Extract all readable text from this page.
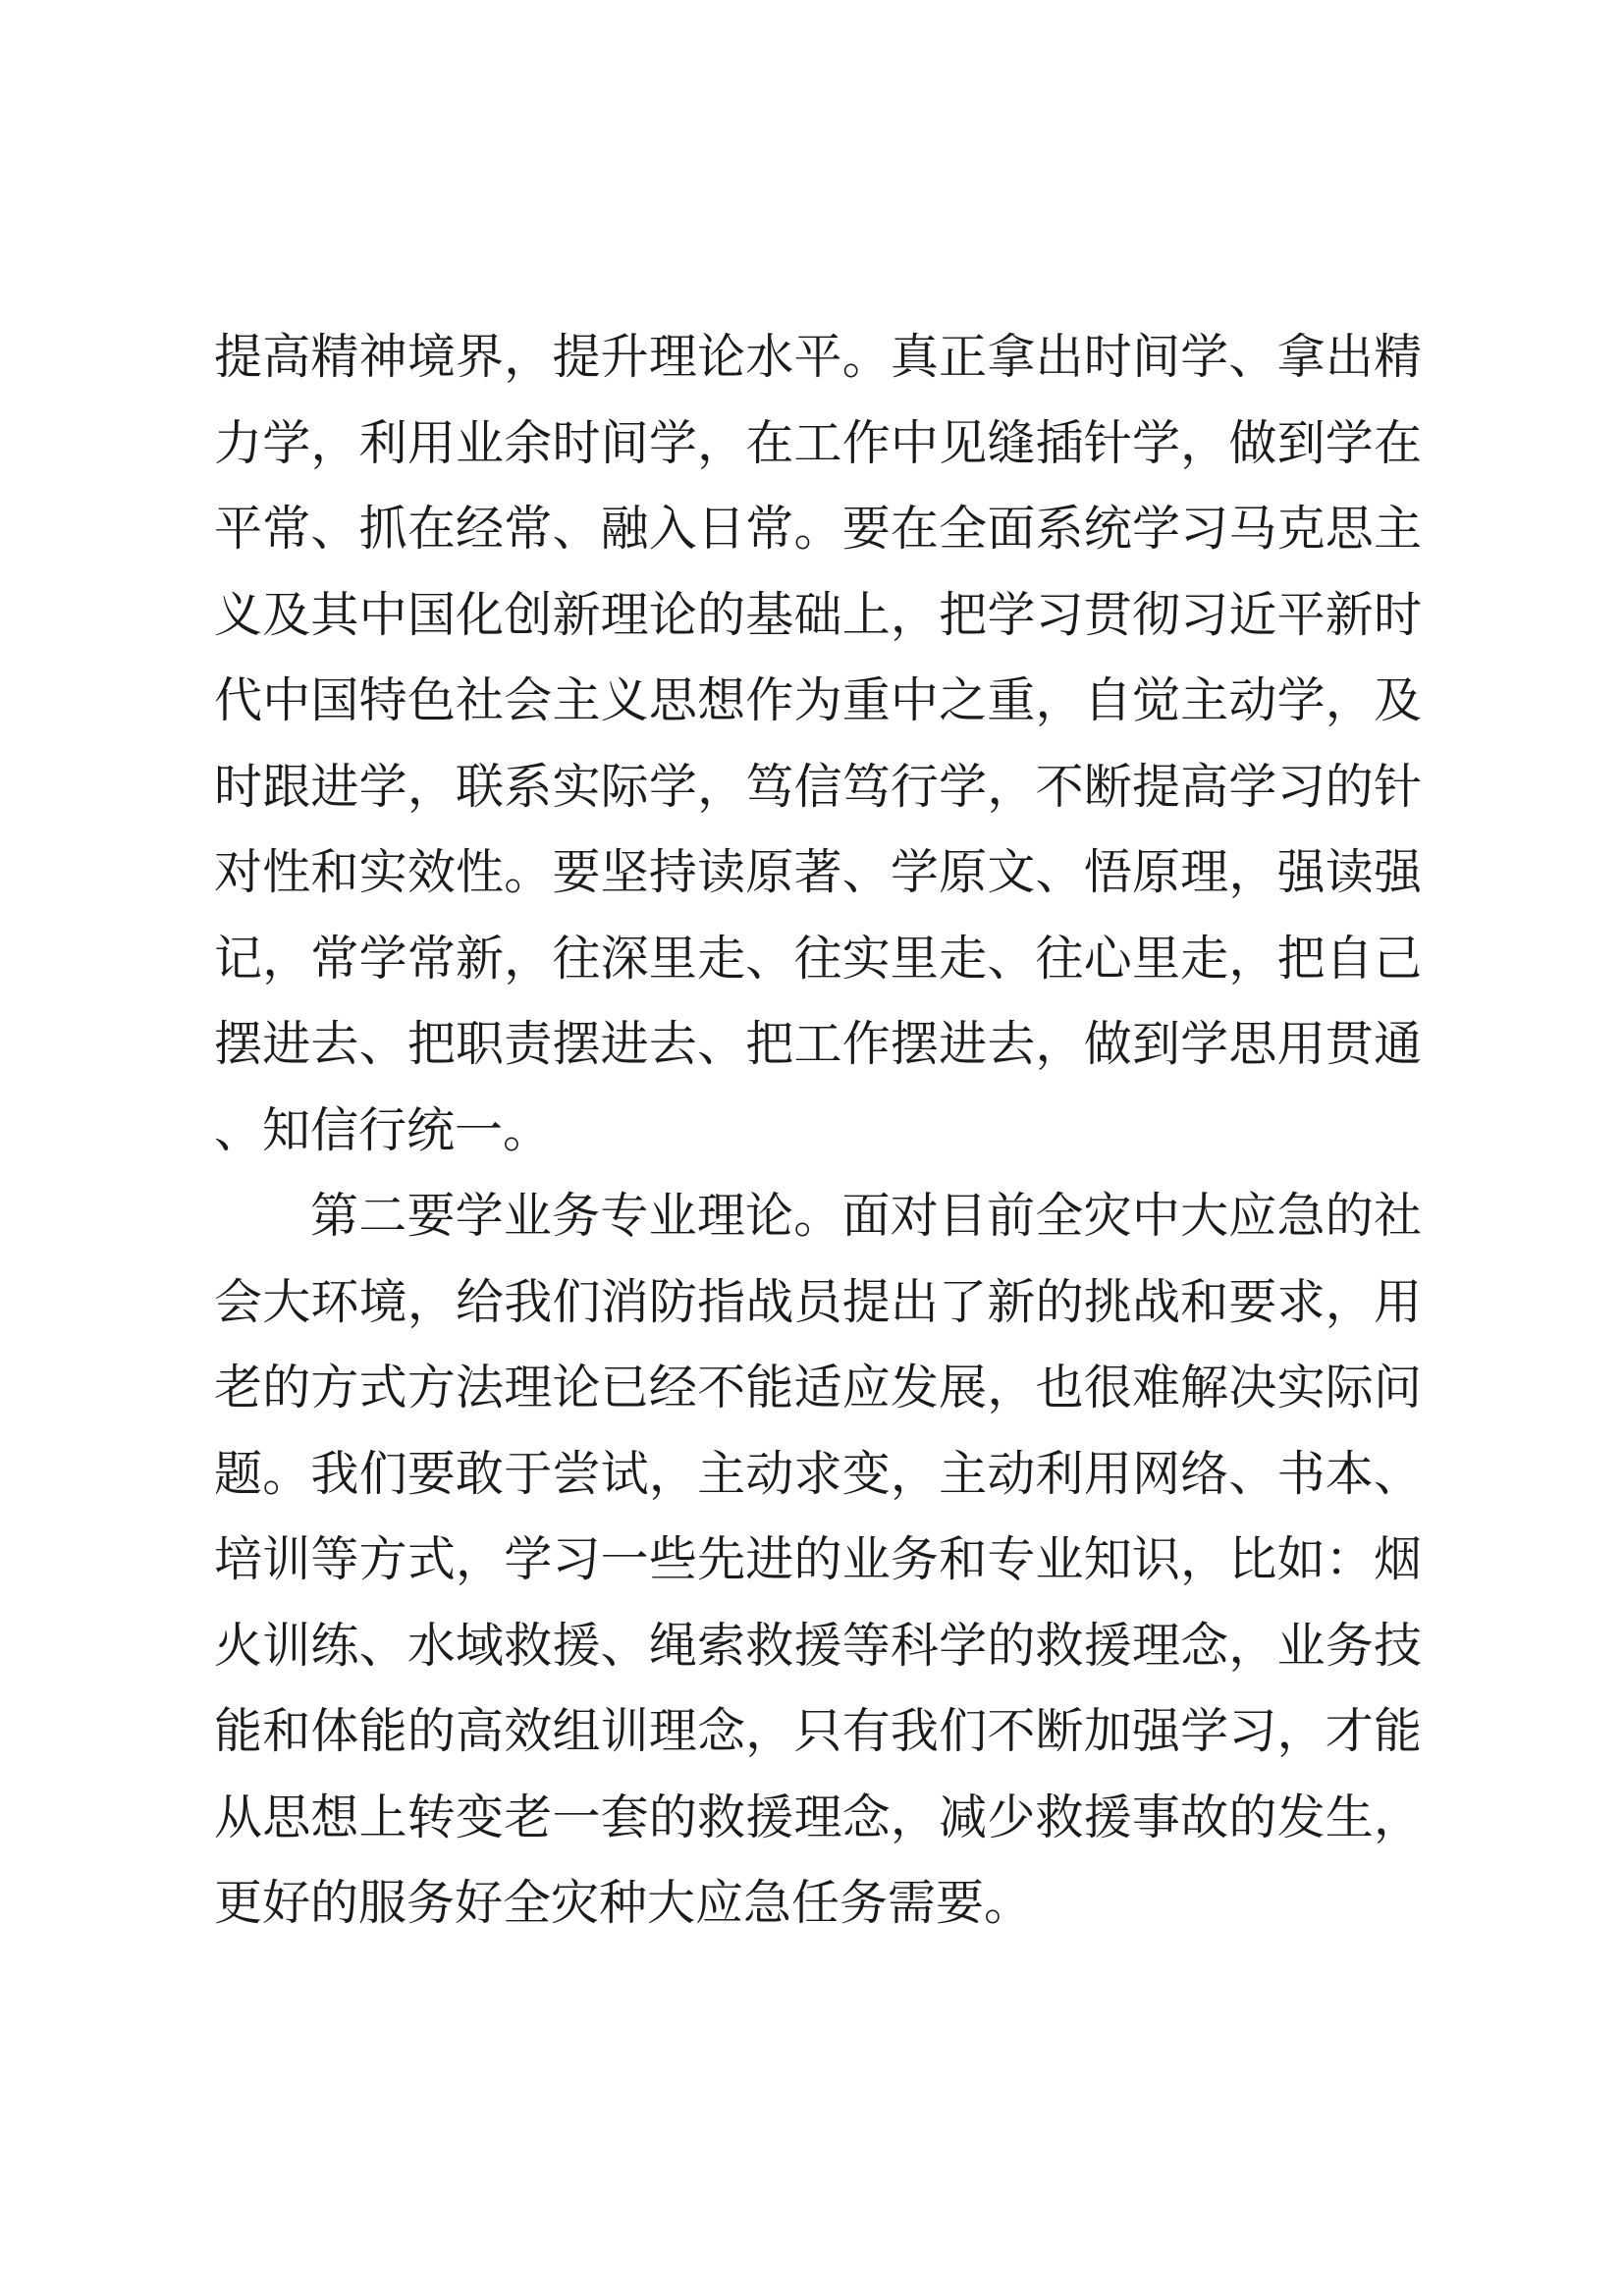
提高精神境界，提升理论水平。真正拿出时间学、拿出精力学，利用业余时间学，在工作中见缝插针学，做到学在平常、抓在经常、融入日常。要在全面系统学习马克思主义及其中国化创新理论的基础上，把学习贯彻习近平新时代中国特色社会主义思想作为重中之重，自觉主动学，及时跟进学，联系实际学，笃信笃行学，不断提高学习的针对性和实效性。要坚持读原著、学原文、悟原理，强读强记，常学常新，往深里走、往实里走、往心里走，把自己摆进去、把职责摆进去、把工作摆进去，做到学思用贯通、知信行统一。

第二要学业务专业理论。面对目前全灾中大应急的社会大环境，给我们消防指战员提出了新的挑战和要求，用老的方式方法理论已经不能适应发展，也很难解决实际问题。我们要敢于尝试，主动求变，主动利用网络、书本、培训等方式，学习一些先进的业务和专业知识，比如：烟火训练、水域救援、绳索救援等科学的救援理念，业务技能和体能的高效组训理念，只有我们不断加强学习，才能从思想上转变老一套的救援理念，减少救援事故的发生，更好的服务好全灾种大应急任务需要。
